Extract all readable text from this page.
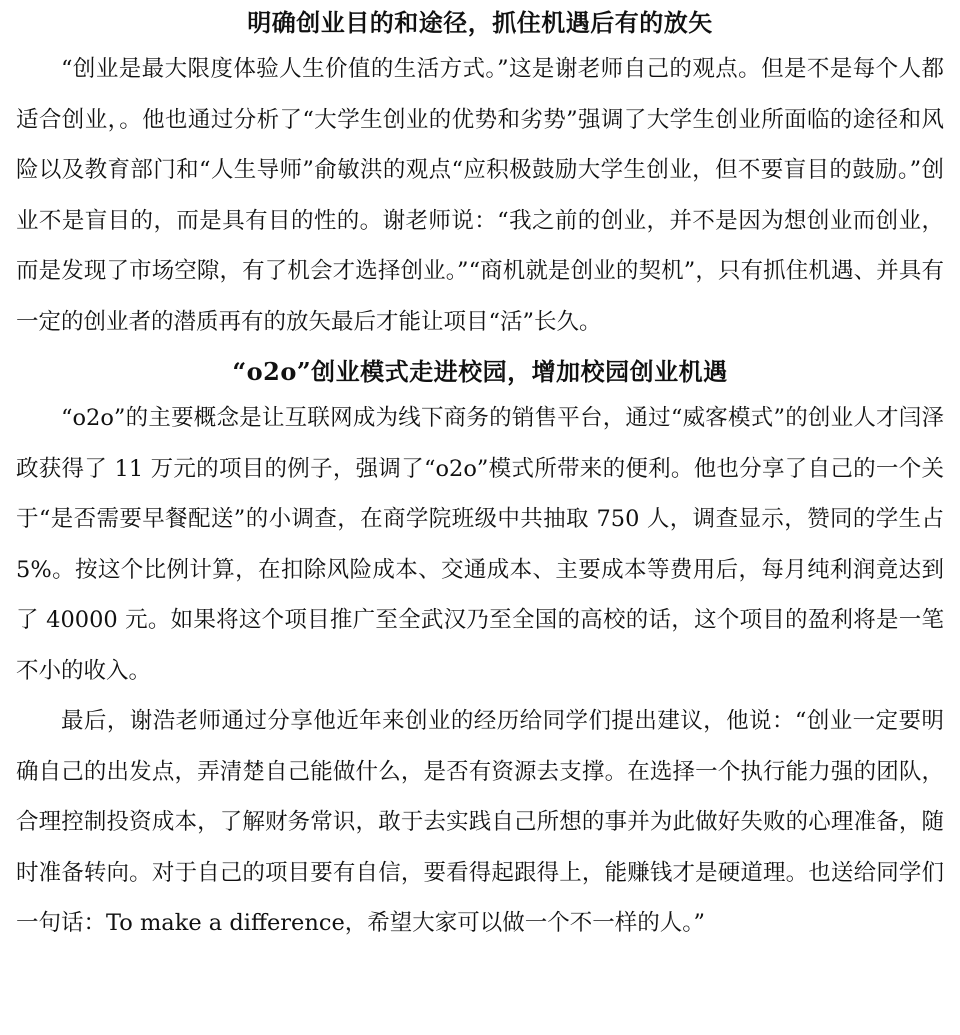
明确创业目的和途径，抓住机遇后有的放矢

“创业是最大限度体验人生价值的生活方式。”这是谢老师自己的观点。但是不是每个人都适合创业，。他也通过分析了“大学生创业的优势和劣势”强调了大学生创业所面临的途径和风险以及教育部门和“人生导师”俞敏洪的观点“应积极鼓励大学生创业，但不要盲目的鼓励。”创业不是盲目的，而是具有目的性的。谢老师说：“我之前的创业，并不是因为想创业而创业，而是发现了市场空隙，有了机会才选择创业。”“商机就是创业的契机”，只有抓住机遇、并具有一定的创业者的潜质再有的放矢最后才能让项目“活”长久。

“o2o”创业模式走进校园，增加校园创业机遇

“o2o”的主要概念是让互联网成为线下商务的销售平台，通过“威客模式”的创业人才闫泽政获得了 11 万元的项目的例子，强调了“o2o”模式所带来的便利。他也分享了自己的一个关于“是否需要早餐配送”的小调查，在商学院班级中共抽取 750 人，调查显示，赞同的学生占 5%。按这个比例计算，在扣除风险成本、交通成本、主要成本等费用后，每月纯利润竟达到了 40000 元。如果将这个项目推广至全武汉乃至全国的高校的话，这个项目的盈利将是一笔不小的收入。

最后，谢浩老师通过分享他近年来创业的经历给同学们提出建议，他说：“创业一定要明确自己的出发点，弄清楚自己能做什么，是否有资源去支撑。在选择一个执行能力强的团队，合理控制投资成本，了解财务常识，敢于去实践自己所想的事并为此做好失败的心理准备，随时准备转向。对于自己的项目要有自信，要看得起跟得上，能赚钱才是硬道理。也送给同学们一句话：To make a difference，希望大家可以做一个不一样的人。”
